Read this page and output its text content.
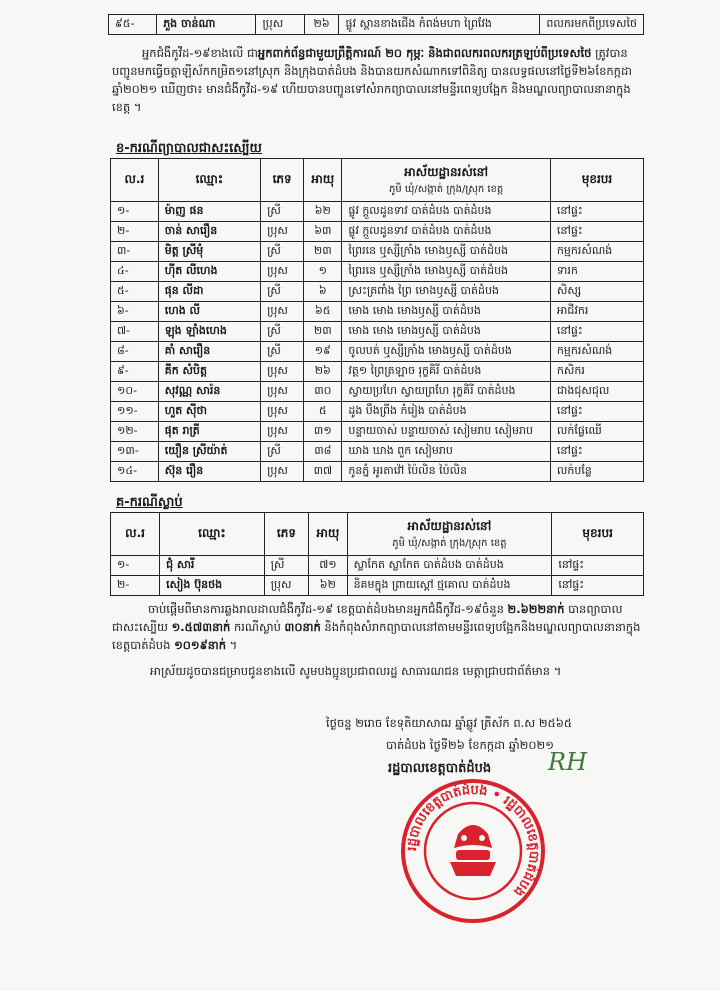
៩៥-	ភួង ចាន់ណា	ប្រុស	២៦	ផ្លូវ ស្ពានខាងជើង កំពង់មហា ព្រៃវែង	ពលករមកពីប្រទេសថៃ
អ្នកជំងឺកូវីដ-១៩ខាងលើ ជាអ្នកពាក់ព័ន្ធជាមួយព្រឹត្តិការណ៍ ២០ កុម្ភៈ និងជាពលករពលករត្រឡប់ពីប្រទេសថៃ ត្រូវបានបញ្ជូនមកធ្វើចត្តាឡីស័កកម្រិត១នៅស្រុក និងក្រុងបាត់ដំបង និងបានយកសំណាកទៅពិនិត្យ បានលទ្ធផលនៅថ្ងៃទី២៦ខែកក្កដា ឆ្នាំ២០២១ ឃើញថា៖ មានជំងឺកូវីដ-១៩ ហើយបានបញ្ជូនទៅសំរាកព្យាបាលនៅមន្ទីរពេទ្យបង្អែក និងមណ្ឌលព្យាបាលនានាក្នុងខេត្ត ។
ខ-ករណីព្យាបាលជាសះស្បើយ
ល.រ	ឈ្មោះ	ភេទ	អាយុ	អាស័យដ្ឋានរស់នៅ
ភូមិ ឃុំ/សង្កាត់ ក្រុង/ស្រុក ខេត្ត	មុខរបរ
១-	ម៉ាញ ផន	ស្រី	៦២	ផ្លូវ ក្តួលដូនទាវ បាត់ដំបង បាត់ដំបង	នៅផ្ទះ
២-	ចាន់ សារឿន	ប្រុស	៦៣	ផ្លូវ ក្តួលដូនទាវ បាត់ដំបង បាត់ដំបង	នៅផ្ទះ
៣-	មិត្ត ស្រីមុំ	ស្រី	២៣	ព្រៃរនេ ឬស្សីក្រាំង មោងឫស្សី បាត់ដំបង	កម្មករសំណង់
៤-	ហ៊ីត លីហេង	ប្រុស	១	ព្រៃរនេ ឬស្សីក្រាំង មោងឫស្សី បាត់ដំបង	ទារក
៥-	ផុន លីដា	ស្រី	៦	ស្រះត្រពាំង ព្រៃ មោងឫស្សី បាត់ដំបង	សិស្ស
៦-	ហេង លី	ប្រុស	៦៥	មោង មោង មោងឫស្សី បាត់ដំបង	អាជីវករ
៧-	ឡុង ឡាំងហេង	ស្រី	២៣	មោង មោង មោងឫស្សី បាត់ដំបង	នៅផ្ទះ
៨-	គាំ សារឿន	ស្រី	១៩	ចូលបត់ ឬស្សីក្រាំង មោងឫស្សី បាត់ដំបង	កម្មករសំណង់
៩-	គីក សំបិត្ត	ប្រុស	២៦	វត្ត១ ព្រៃត្រឡាច រុក្ខគិរី បាត់ដំបង	កសិករ
១០-	សុវណ្ណ សារ៉ន	ប្រុស	៣០	ស្វាយប្រហែ ស្វាយព្រហែ រុក្ខគិរី បាត់ដំបង	ជាងជុសជុល
១១-	ហួត ស៊ីថា	ប្រុស	៥	ដូង បឹងព្រីង កំរៀង បាត់ដំបង	នៅផ្ទះ
១២-	ផុត រាត្រី	ប្រុស	៣១	បន្ទាយចាស់ បន្ទាយចាស់ សៀមរាប សៀមរាប	លក់ផ្លែឈើ
១៣-	យឿន ស្រីយ៉ាត់	ស្រី	៣៨	ឃាង ឃាង ពួក សៀមរាប	នៅផ្ទះ
១៤-	ស៊ុន រឿន	ប្រុស	៣៧	កូនភ្នំ អូរតាវ៉ៅ ប៉ៃលិន ប៉ៃលិន	លក់បន្លែ
គ-ករណីស្លាប់
ល.រ	ឈ្មោះ	ភេទ	អាយុ	អាស័យដ្ឋានរស់នៅ
ភូមិ ឃុំ/សង្កាត់ ក្រុង/ស្រុក ខេត្ត	មុខរបរ
១-	ជុំ សារី	ស្រី	៧១	ស្លាកែត ស្លាកែត បាត់ដំបង បាត់ដំបង	នៅផ្ទះ
២-	សៀង ប៊ុនថង	ប្រុស	៦២	និគមក្នុង ព្រាយស្តៅ ថ្មគោល បាត់ដំបង	នៅផ្ទះ
ចាប់ផ្តើមពីមានការឆ្លងរាលដាលជំងឺកូវីដ-១៩ ខេត្តបាត់ដំបងមានអ្នកជំងឺកូវីដ-១៩ចំនួន ២.៦២២នាក់ បានព្យាបាលជាសះស្បើយ ១.៥៧៣នាក់ ករណីស្លាប់ ៣០នាក់ និងកំពុងសំរាកព្យាបាលនៅតាមមន្ទីរពេទ្យបង្អែកនិងមណ្ឌលព្យាបាលនានាក្នុងខេត្តបាត់ដំបង ១០១៩នាក់ ។
អាស្រ័យដូចបានជម្រាបជូនខាងលើ សូមបងប្អូនប្រជាពលរដ្ឋ សាធារណជន មេត្តាជ្រាបជាព័ត៌មាន ។
ថ្ងៃចន្ទ ២រោច ខែទុតិយាសាឍ ឆ្នាំឆ្លូវ ត្រីស័ក ព.ស ២៥៦៥
បាត់ដំបង ថ្ងៃទី២៦ ខែកក្កដា ឆ្នាំ២០២១
រដ្ឋបាលខេត្តបាត់ដំបង RH
រដ្ឋបាលខេត្តបាត់ដំបង • រដ្ឋបាលខេត្តបាត់ដំបង
